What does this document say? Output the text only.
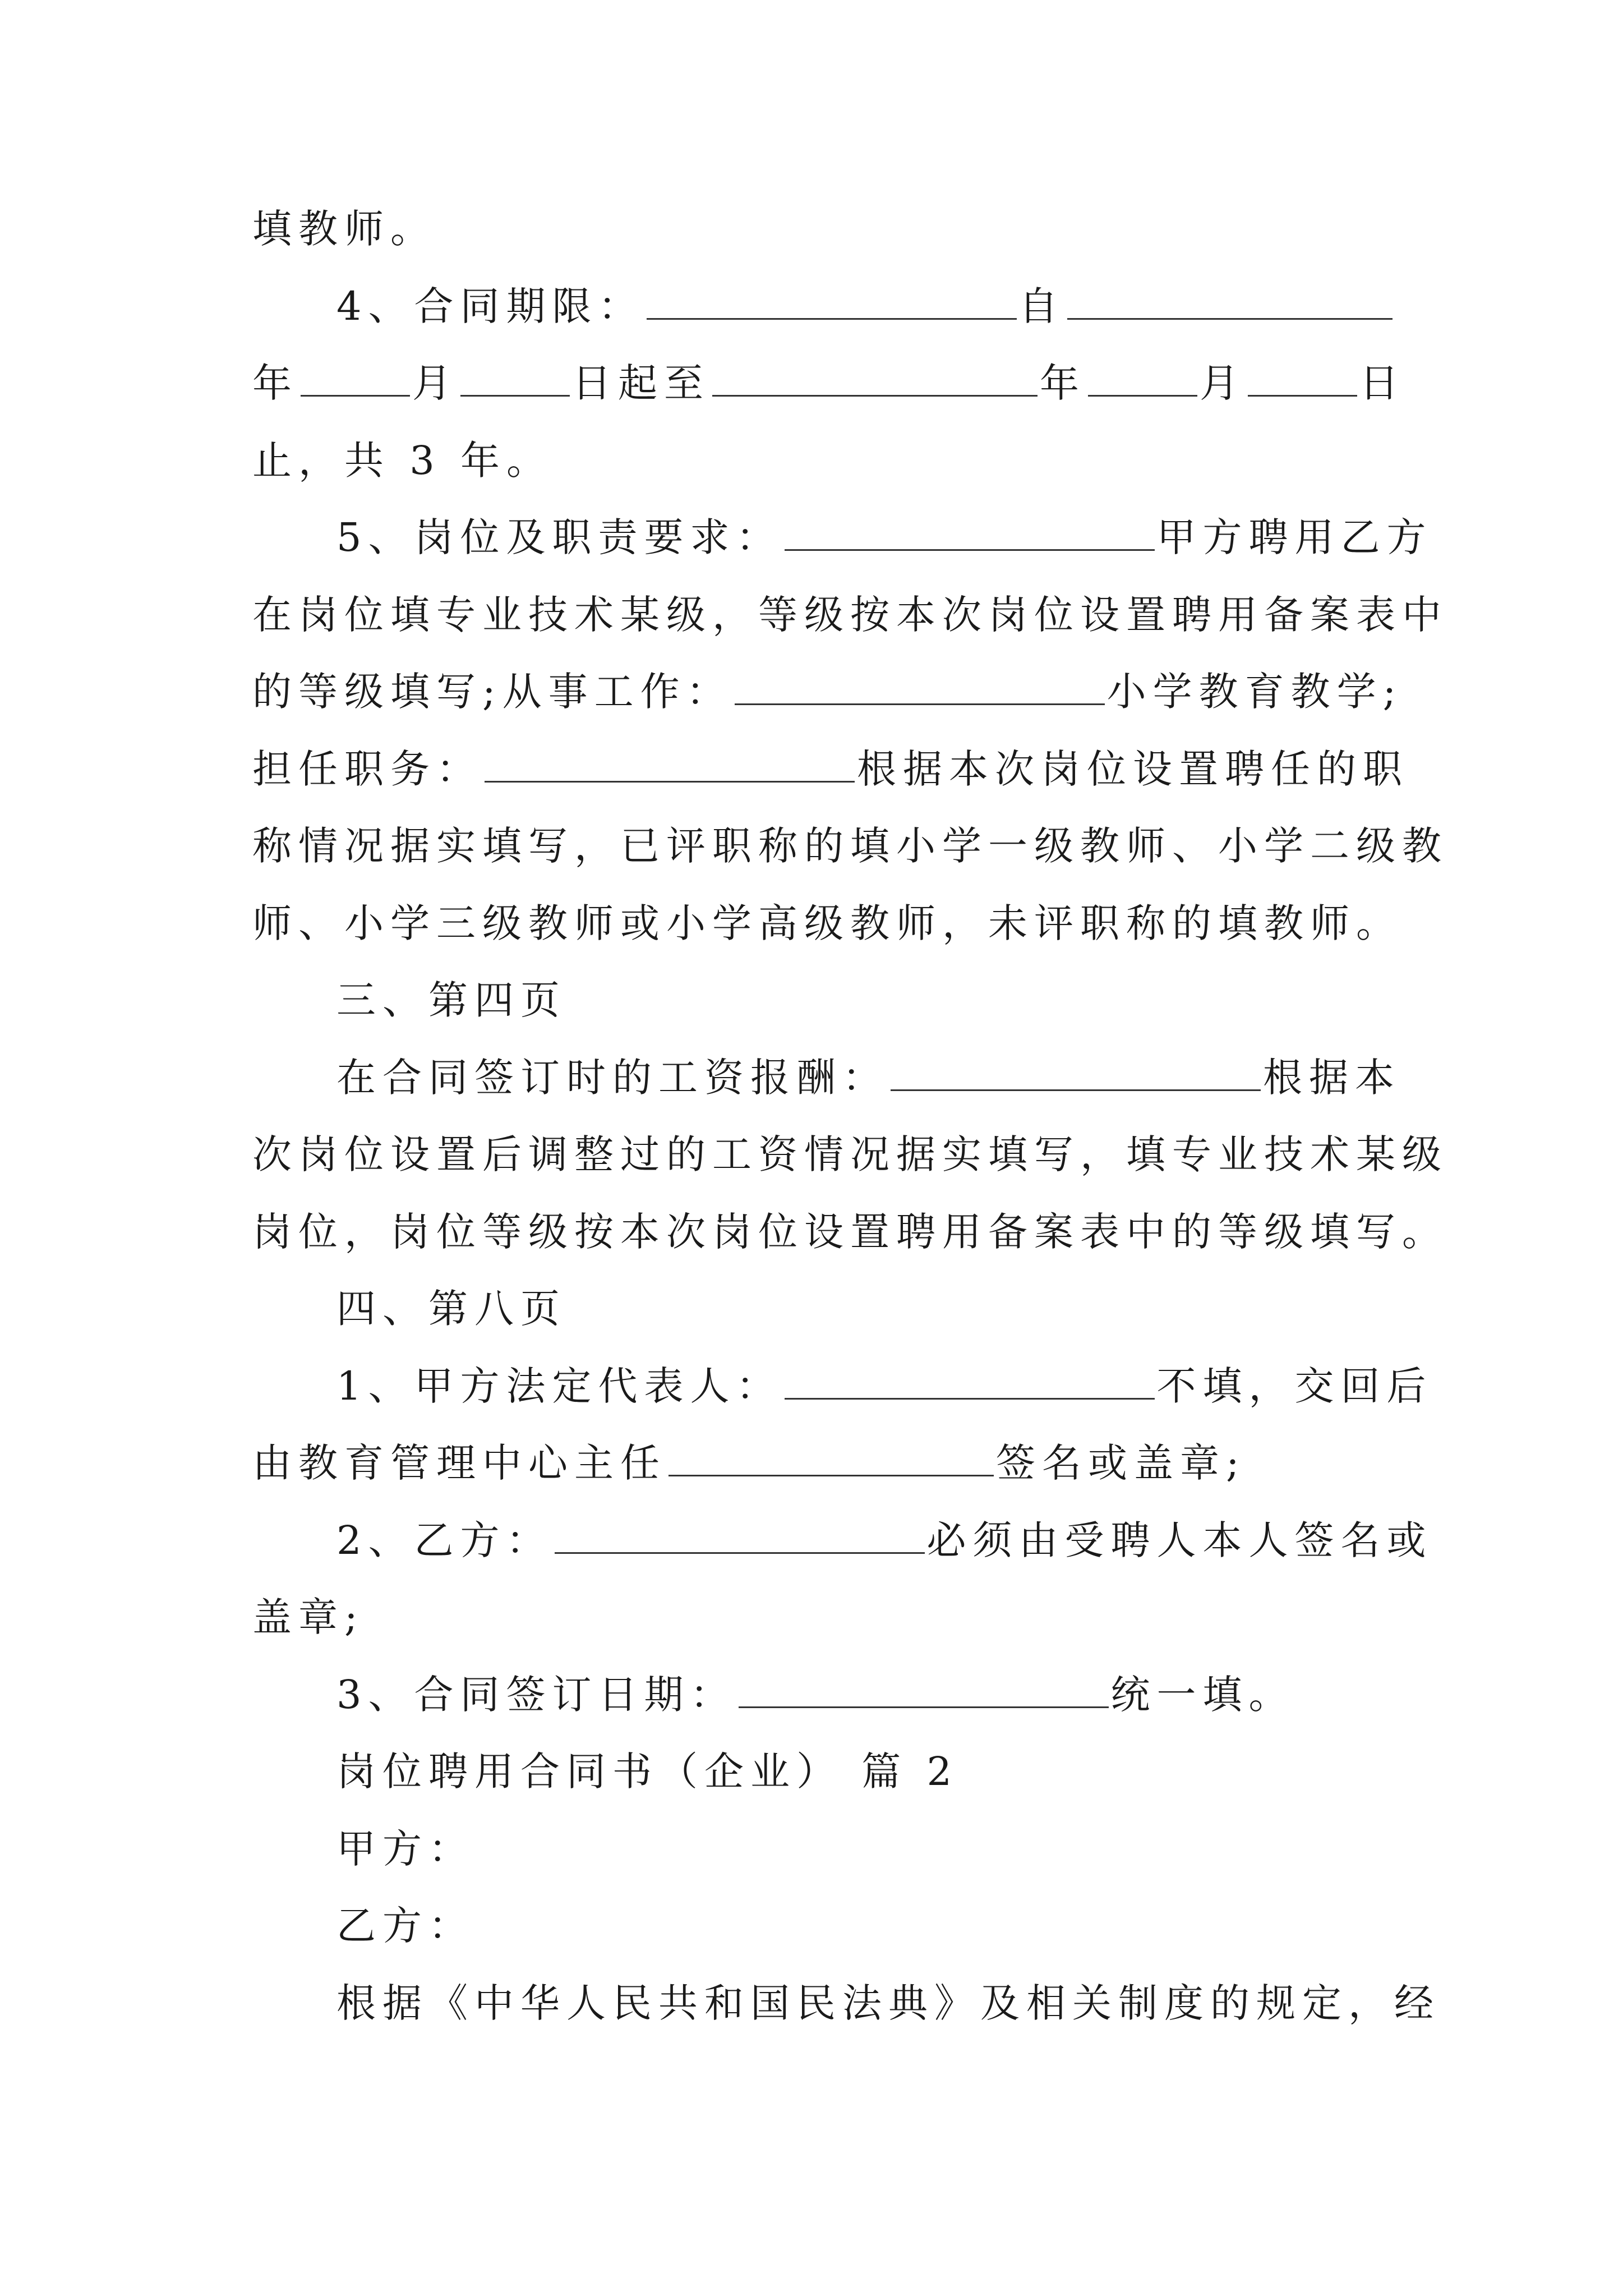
填教师。

4、合同期限：	自

年	月	日起至	年	月	日

止，共 3 年。

5、岗位及职责要求：	甲方聘用乙方

在岗位填专业技术某级，等级按本次岗位设置聘用备案表中

的等级填写;从事工作：	小学教育教学;

担任职务：	根据本次岗位设置聘任的职

称情况据实填写，已评职称的填小学一级教师、小学二级教

师、小学三级教师或小学高级教师，未评职称的填教师。

三、第四页

在合同签订时的工资报酬：	根据本

次岗位设置后调整过的工资情况据实填写，填专业技术某级

岗位，岗位等级按本次岗位设置聘用备案表中的等级填写。

四、第八页

1、甲方法定代表人：	不填，交回后

由教育管理中心主任	签名或盖章;

2、乙方：	必须由受聘人本人签名或

盖章;

3、合同签订日期：	统一填。

岗位聘用合同书（企业） 篇 2

甲方：

乙方：

根据《中华人民共和国民法典》及相关制度的规定，经
